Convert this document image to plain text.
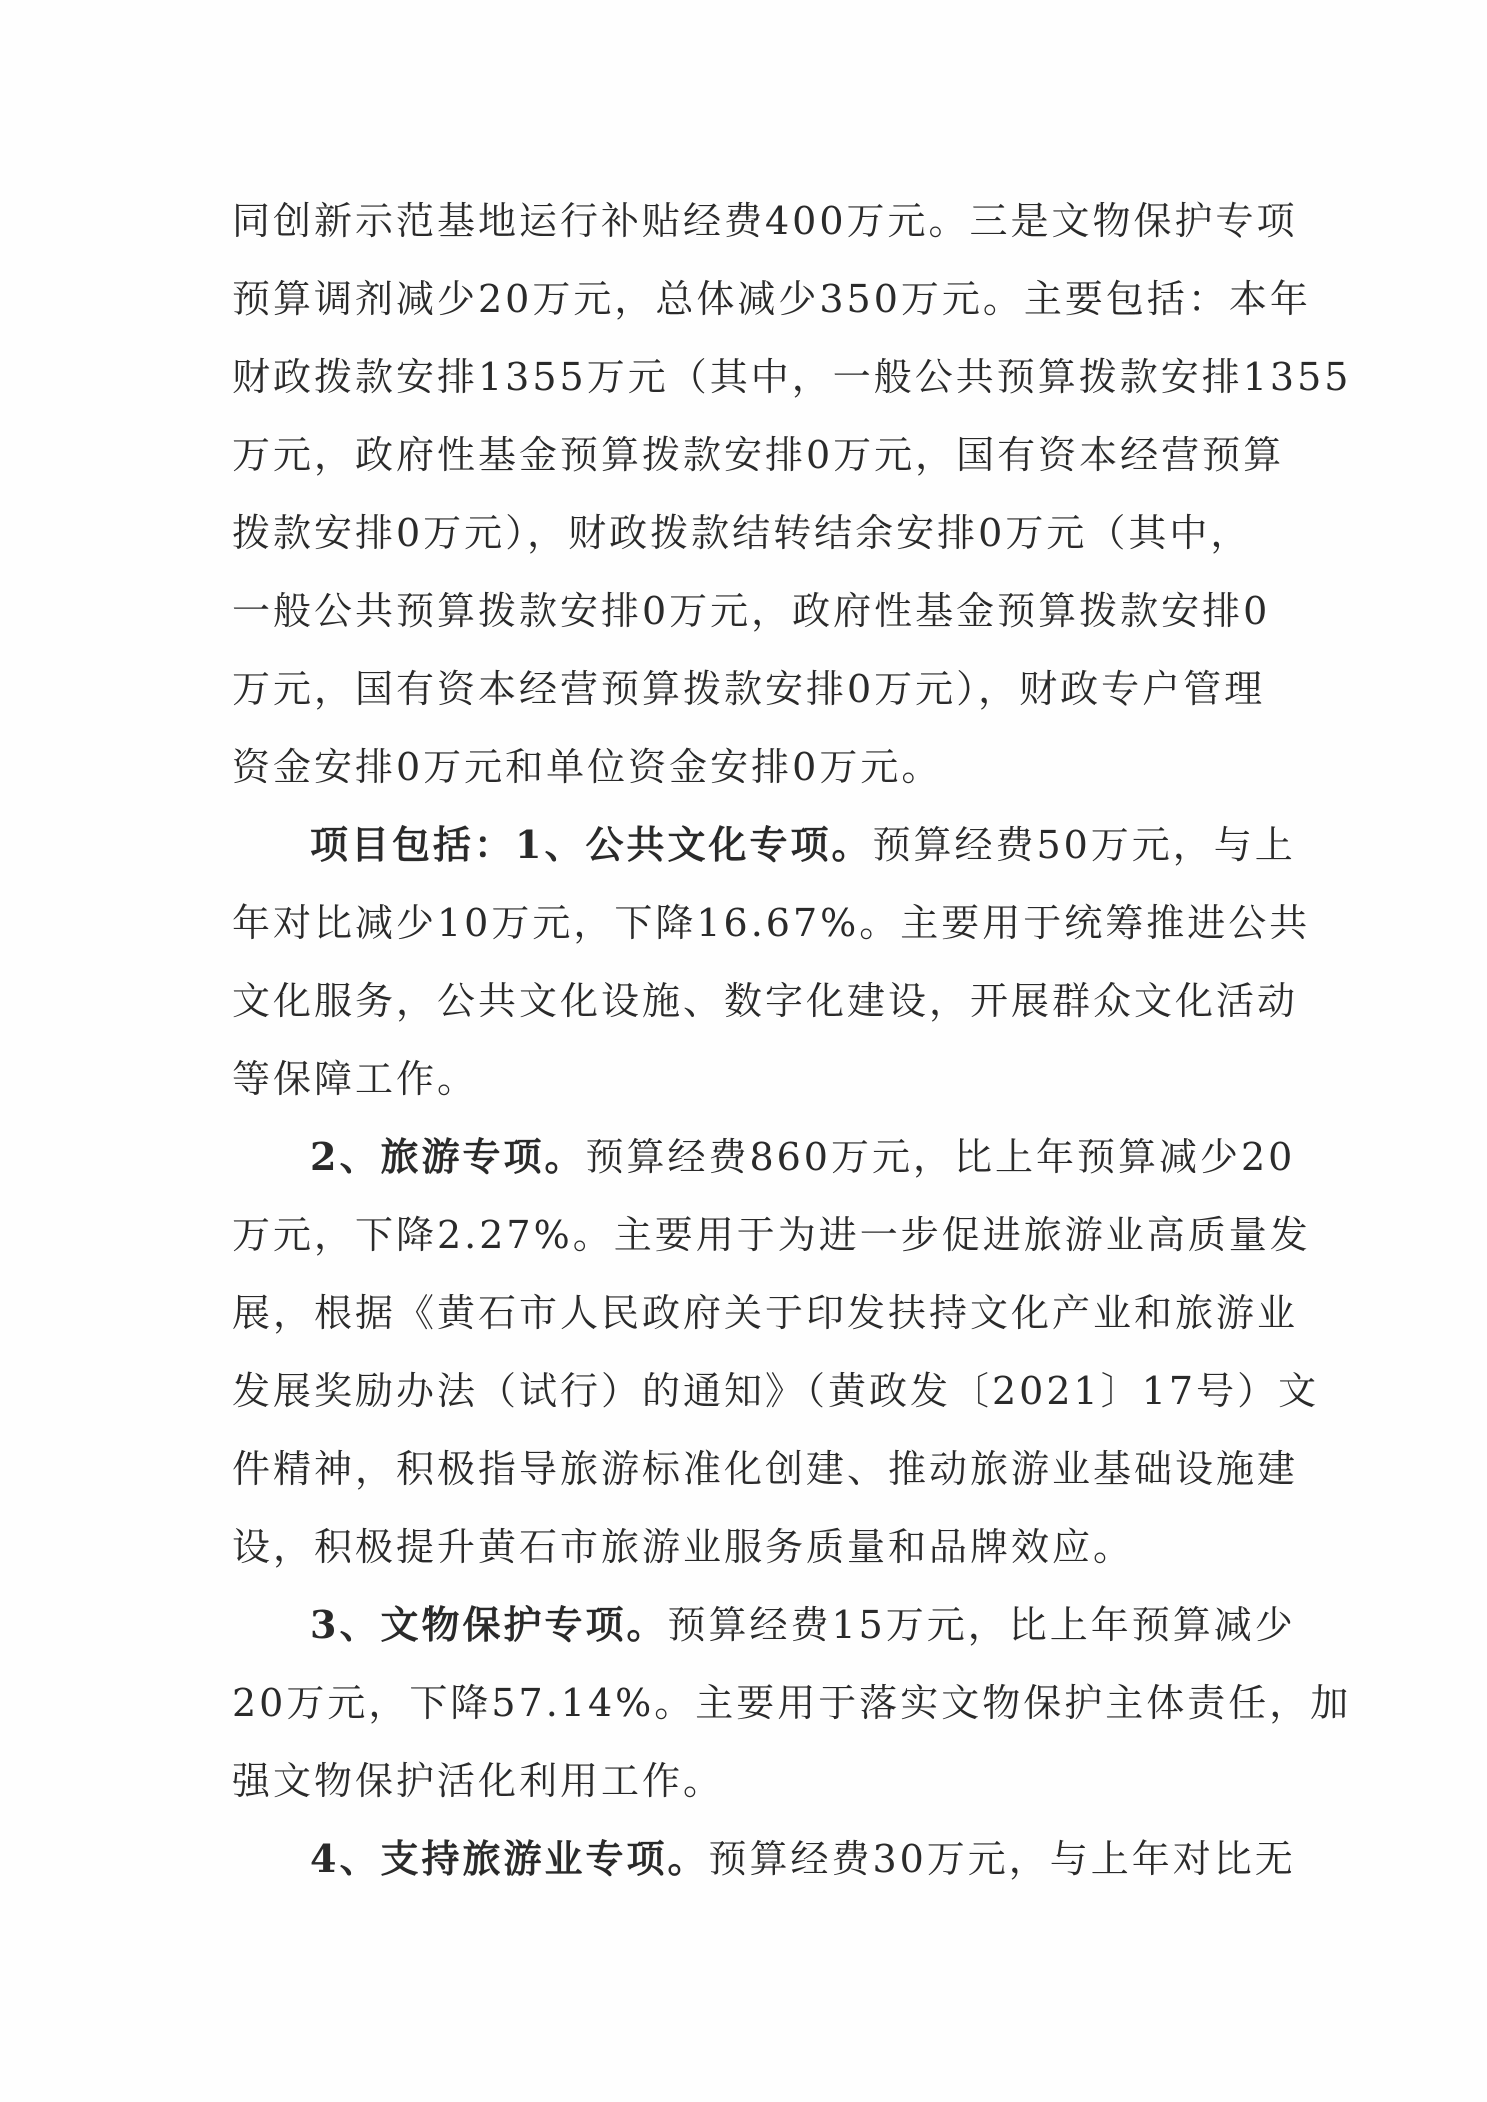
同创新示范基地运行补贴经费400万元。三是文物保护专项
预算调剂减少20万元，总体减少350万元。主要包括：本年
财政拨款安排1355万元（其中，一般公共预算拨款安排1355
万元，政府性基金预算拨款安排0万元，国有资本经营预算
拨款安排0万元），财政拨款结转结余安排0万元（其中，
一般公共预算拨款安排0万元，政府性基金预算拨款安排0
万元，国有资本经营预算拨款安排0万元），财政专户管理
资金安排0万元和单位资金安排0万元。
项目包括：1、公共文化专项。预算经费50万元，与上
年对比减少10万元，下降16.67%。主要用于统筹推进公共
文化服务，公共文化设施、数字化建设，开展群众文化活动
等保障工作。
2、旅游专项。预算经费860万元，比上年预算减少20
万元，下降2.27%。主要用于为进一步促进旅游业高质量发
展，根据《黄石市人民政府关于印发扶持文化产业和旅游业
发展奖励办法（试行）的通知》（黄政发〔2021〕17号）文
件精神，积极指导旅游标准化创建、推动旅游业基础设施建
设，积极提升黄石市旅游业服务质量和品牌效应。
3、文物保护专项。预算经费15万元，比上年预算减少
20万元，下降57.14%。主要用于落实文物保护主体责任，加
强文物保护活化利用工作。
4、支持旅游业专项。预算经费30万元，与上年对比无
